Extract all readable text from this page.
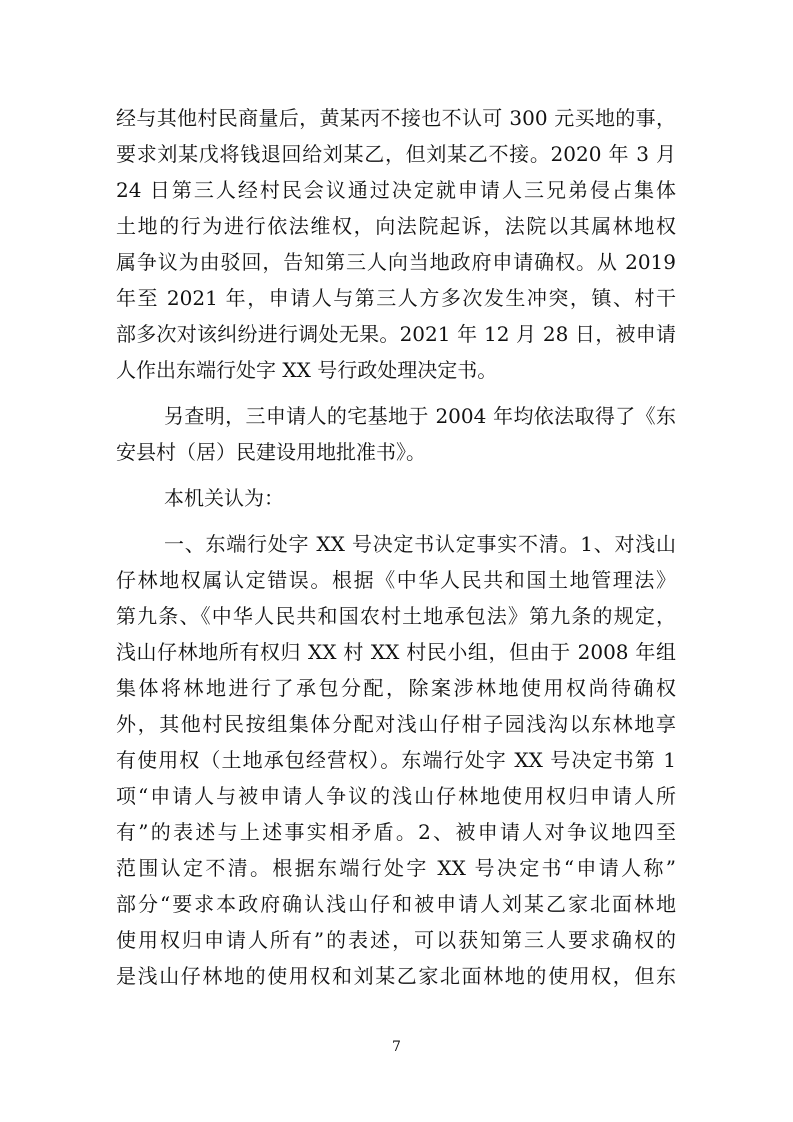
经与其他村民商量后，黄某丙不接也不认可 300 元买地的事，
要求刘某戊将钱退回给刘某乙，但刘某乙不接。2020 年 3 月
24 日第三人经村民会议通过决定就申请人三兄弟侵占集体
土地的行为进行依法维权，向法院起诉，法院以其属林地权
属争议为由驳回，告知第三人向当地政府申请确权。从 2019
年至 2021 年，申请人与第三人方多次发生冲突，镇、村干
部多次对该纠纷进行调处无果。2021 年 12 月 28 日，被申请
人作出东端行处字 XX 号行政处理决定书。
另查明，三申请人的宅基地于 2004 年均依法取得了《东
安县村（居）民建设用地批准书》。
本机关认为：
一、东端行处字 XX 号决定书认定事实不清。1、对浅山
仔林地权属认定错误。根据《中华人民共和国土地管理法》
第九条、《中华人民共和国农村土地承包法》第九条的规定，
浅山仔林地所有权归 XX 村 XX 村民小组，但由于 2008 年组
集体将林地进行了承包分配，除案涉林地使用权尚待确权
外，其他村民按组集体分配对浅山仔柑子园浅沟以东林地享
有使用权（土地承包经营权）。东端行处字 XX 号决定书第 1
项“申请人与被申请人争议的浅山仔林地使用权归申请人所
有”的表述与上述事实相矛盾。2、被申请人对争议地四至
范围认定不清。根据东端行处字 XX 号决定书“申请人称”
部分“要求本政府确认浅山仔和被申请人刘某乙家北面林地
使用权归申请人所有”的表述，可以获知第三人要求确权的
是浅山仔林地的使用权和刘某乙家北面林地的使用权，但东
7
